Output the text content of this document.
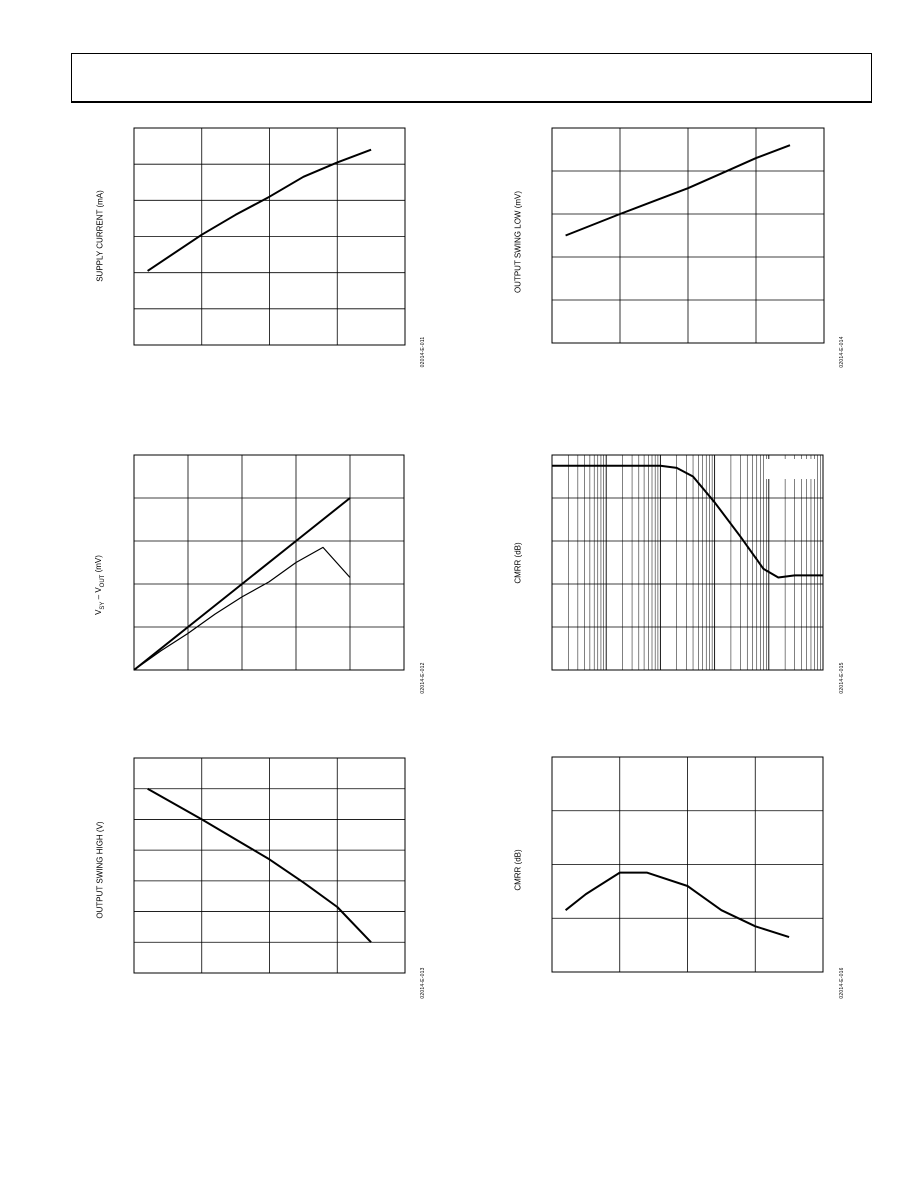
SUPPLY CURRENT (mA)
02014-E-011
$V_{SY} - V_{OUT}$ (mV)
02014-E-012
OUTPUT SWING HIGH (V)
02014-E-013
OUTPUT SWING LOW (mV)
02014-E-014
CMRR (dB)
02014-E-015
CMRR (dB)
02014-E-016
